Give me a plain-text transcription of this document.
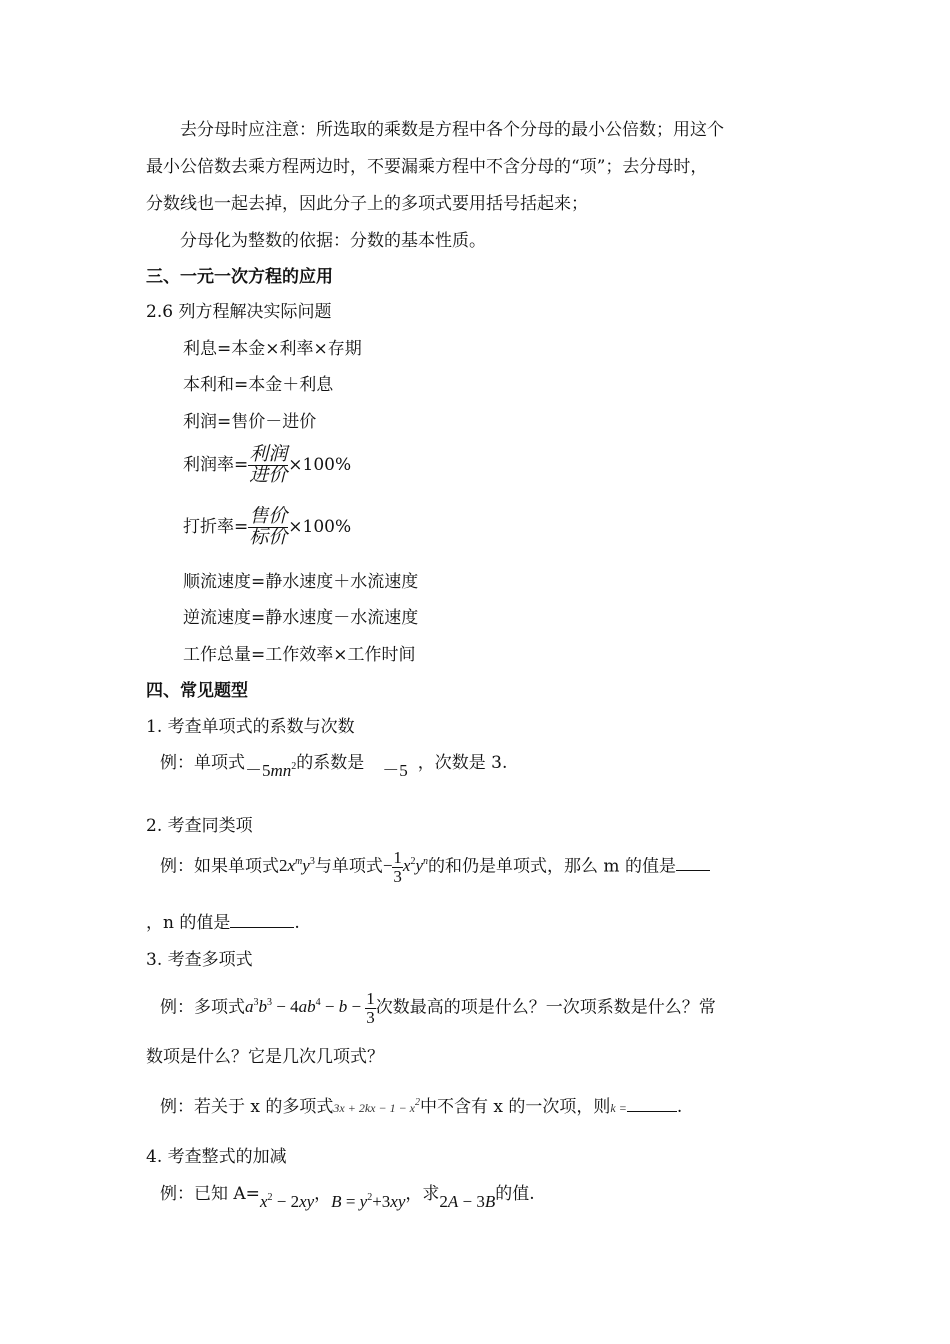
去分母时应注意：所选取的乘数是方程中各个分母的最小公倍数；用这个
最小公倍数去乘方程两边时，不要漏乘方程中不含分母的“项”；去分母时，
分数线也一起去掉，因此分子上的多项式要用括号括起来；
分母化为整数的依据：分数的基本性质。
三、一元一次方程的应用
2.6 列方程解决实际问题
利息=本金×利率×存期
本利和=本金＋利息
利润=售价－进价
利润率= $\frac{\text{利润}}{\text{进价}} \times 100\%$
打折率= $\frac{\text{售价}}{\text{标价}} \times 100\%$
顺流速度=静水速度＋水流速度
逆流速度=静水速度－水流速度
工作总量=工作效率×工作时间
四、常见题型
1. 考查单项式的系数与次数
例：单项式$-5mn^2$的系数是 －5 ，次数是 3.
2. 考查同类项
例：如果单项式$2x^my^3$与单项式− $\frac{1}{3} x^2y^n$的和仍是单项式，那么 m 的值是
，n 的值是	.
3. 考查多项式
例：多项式$a^3b^3 - 4ab^4 - b - \frac{1}{3}$ 次数最高的项是什么？一次项系数是什么？常
数项是什么？它是几次几项式？
例：若关于 x 的多项式$3x + 2kx - 1 - x^2$中不含有 x 的一次项，则k =	.
4. 考查整式的加减
例：已知 $A=x^2 - 2xy$，$B = y^2+3xy$，求2A − 3B的值.
